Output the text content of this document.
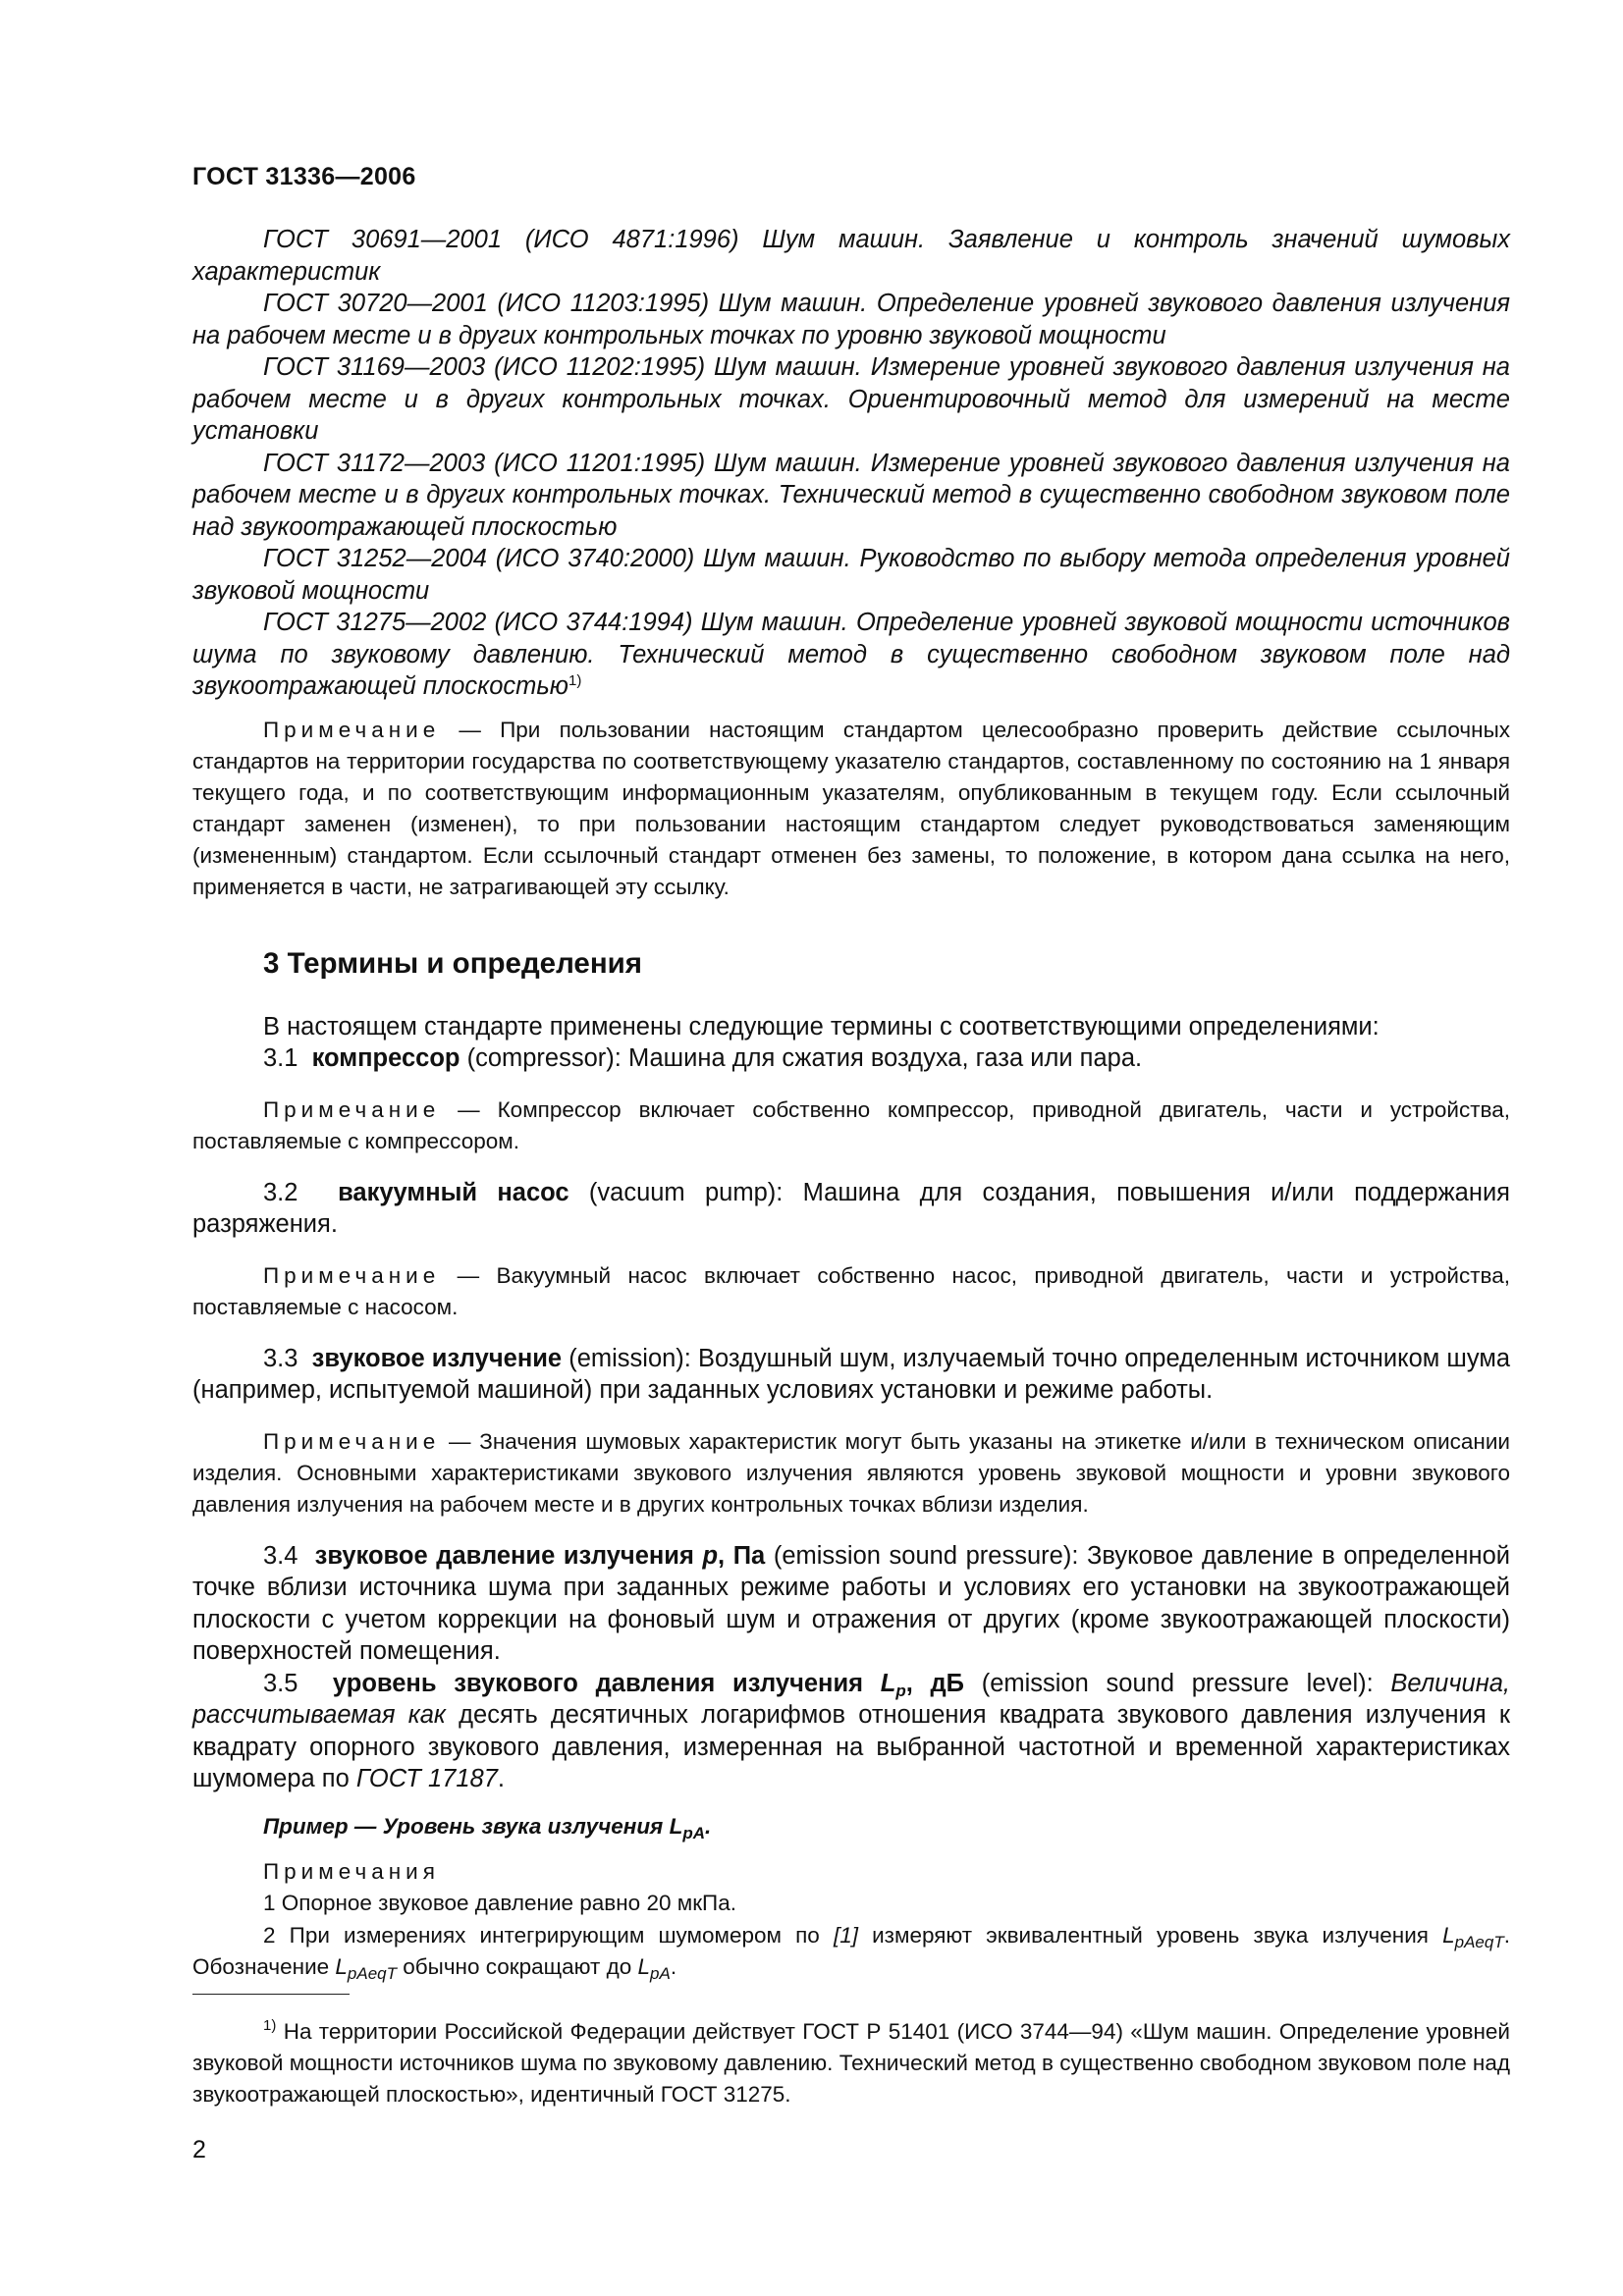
ГОСТ 31336—2006

ГОСТ 30691—2001 (ИСО 4871:1996) Шум машин. Заявление и контроль значений шумовых характеристик

ГОСТ 30720—2001 (ИСО 11203:1995) Шум машин. Определение уровней звукового давления излучения на рабочем месте и в других контрольных точках по уровню звуковой мощности

ГОСТ 31169—2003 (ИСО 11202:1995) Шум машин. Измерение уровней звукового давления излучения на рабочем месте и в других контрольных точках. Ориентировочный метод для измерений на месте установки

ГОСТ 31172—2003 (ИСО 11201:1995) Шум машин. Измерение уровней звукового давления излучения на рабочем месте и в других контрольных точках. Технический метод в существенно свободном звуковом поле над звукоотражающей плоскостью

ГОСТ 31252—2004 (ИСО 3740:2000) Шум машин. Руководство по выбору метода определения уровней звуковой мощности

ГОСТ 31275—2002 (ИСО 3744:1994) Шум машин. Определение уровней звуковой мощности источников шума по звуковому давлению. Технический метод в существенно свободном звуковом поле над звукоотражающей плоскостью$^{1)}$

Примечание — При пользовании настоящим стандартом целесообразно проверить действие ссылочных стандартов на территории государства по соответствующему указателю стандартов, составленному по состоянию на 1 января текущего года, и по соответствующим информационным указателям, опубликованным в текущем году. Если ссылочный стандарт заменен (изменен), то при пользовании настоящим стандартом следует руководствоваться заменяющим (измененным) стандартом. Если ссылочный стандарт отменен без замены, то положение, в котором дана ссылка на него, применяется в части, не затрагивающей эту ссылку.

3 Термины и определения

В настоящем стандарте применены следующие термины с соответствующими определениями:

3.1 компрессор (compressor): Машина для сжатия воздуха, газа или пара.

Примечание — Компрессор включает собственно компрессор, приводной двигатель, части и устройства, поставляемые с компрессором.

3.2 вакуумный насос (vacuum pump): Машина для создания, повышения и/или поддержания разряжения.

Примечание — Вакуумный насос включает собственно насос, приводной двигатель, части и устройства, поставляемые с насосом.

3.3 звуковое излучение (emission): Воздушный шум, излучаемый точно определенным источником шума (например, испытуемой машиной) при заданных условиях установки и режиме работы.

Примечание — Значения шумовых характеристик могут быть указаны на этикетке и/или в техническом описании изделия. Основными характеристиками звукового излучения являются уровень звуковой мощности и уровни звукового давления излучения на рабочем месте и в других контрольных точках вблизи изделия.

3.4 звуковое давление излучения p, Па (emission sound pressure): Звуковое давление в определенной точке вблизи источника шума при заданных режиме работы и условиях его установки на звукоотражающей плоскости с учетом коррекции на фоновый шум и отражения от других (кроме звукоотражающей плоскости) поверхностей помещения.

3.5 уровень звукового давления излучения $L_p$, дБ (emission sound pressure level): Величина, рассчитываемая как десять десятичных логарифмов отношения квадрата звукового давления излучения к квадрату опорного звукового давления, измеренная на выбранной частотной и временной характеристиках шумомера по ГОСТ 17187.

Пример — Уровень звука излучения $L_{pA}$.

Примечания

1 Опорное звуковое давление равно 20 мкПа.

2 При измерениях интегрирующим шумомером по [1] измеряют эквивалентный уровень звука излучения $L_{pAeqT}$. Обозначение $L_{pAeqT}$ обычно сокращают до $L_{pA}$.

$^{1)}$ На территории Российской Федерации действует ГОСТ Р 51401 (ИСО 3744—94) «Шум машин. Определение уровней звуковой мощности источников шума по звуковому давлению. Технический метод в существенно свободном звуковом поле над звукоотражающей плоскостью», идентичный ГОСТ 31275.

2
